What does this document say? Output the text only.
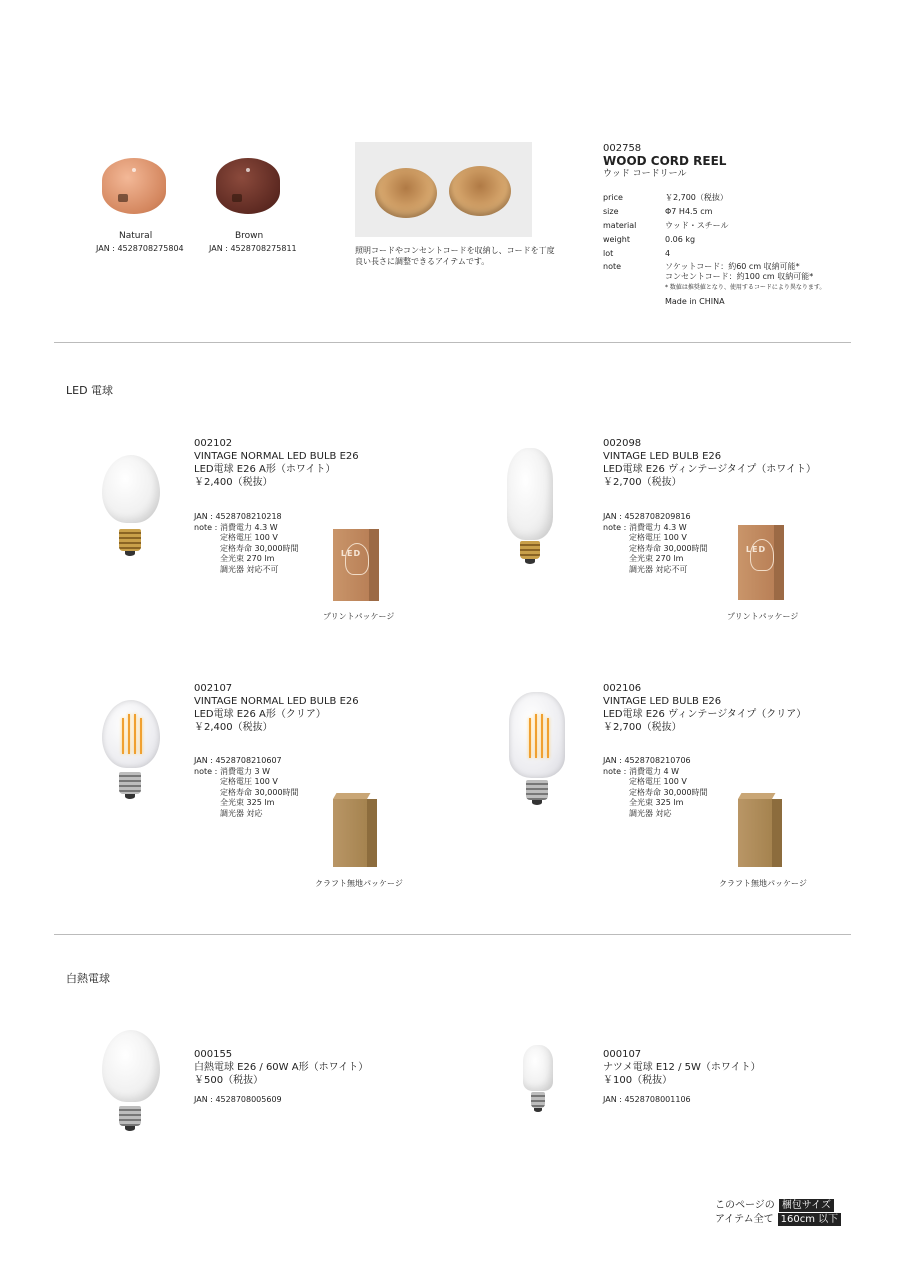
Natural
JAN : 4528708275804
Brown
JAN : 4528708275811	照明コードやコンセントコードを収納し、コードを丁度
良い長さに調整できるアイテムです。
002758
WOOD CORD REEL
ウッド コードリール
price	￥2,700（税抜）
size	Φ7 H4.5 cm
material	ウッド・スチール
weight	0.06 kg
lot	4
note	ソケットコード：約60 cm 収納可能*
コンセントコード：約100 cm 収納可能*
* 数値は推奨値となり、使用するコードにより異なります。
Made in CHINA
LED 電球
002102
VINTAGE NORMAL LED BULB E26
LED電球 E26 A形（ホワイト）
￥2,400（税抜）
JAN : 4528708210218
note : 消費電力 4.3 W
定格電圧 100 V
定格寿命 30,000時間
全光束 270 lm
調光器 対応不可
LED
プリントパッケージ
002098
VINTAGE LED BULB E26
LED電球 E26 ヴィンテージタイプ（ホワイト）
￥2,700（税抜）
JAN : 4528708209816
note : 消費電力 4.3 W
定格電圧 100 V
定格寿命 30,000時間
全光束 270 lm
調光器 対応不可
LED
プリントパッケージ
002107
VINTAGE NORMAL LED BULB E26
LED電球 E26 A形（クリア）
￥2,400（税抜）
JAN : 4528708210607
note : 消費電力 3 W
定格電圧 100 V
定格寿命 30,000時間
全光束 325 lm
調光器 対応
クラフト無地パッケージ
002106
VINTAGE LED BULB E26
LED電球 E26 ヴィンテージタイプ（クリア）
￥2,700（税抜）
JAN : 4528708210706
note : 消費電力 4 W
定格電圧 100 V
定格寿命 30,000時間
全光束 325 lm
調光器 対応
クラフト無地パッケージ
白熱電球
000155
白熱電球 E26 / 60W A形（ホワイト）
￥500（税抜）
JAN : 4528708005609
000107
ナツメ電球 E12 / 5W（ホワイト）
￥100（税抜）
JAN : 4528708001106
このページの 梱包サイズ
アイテム全て 160cm 以下
